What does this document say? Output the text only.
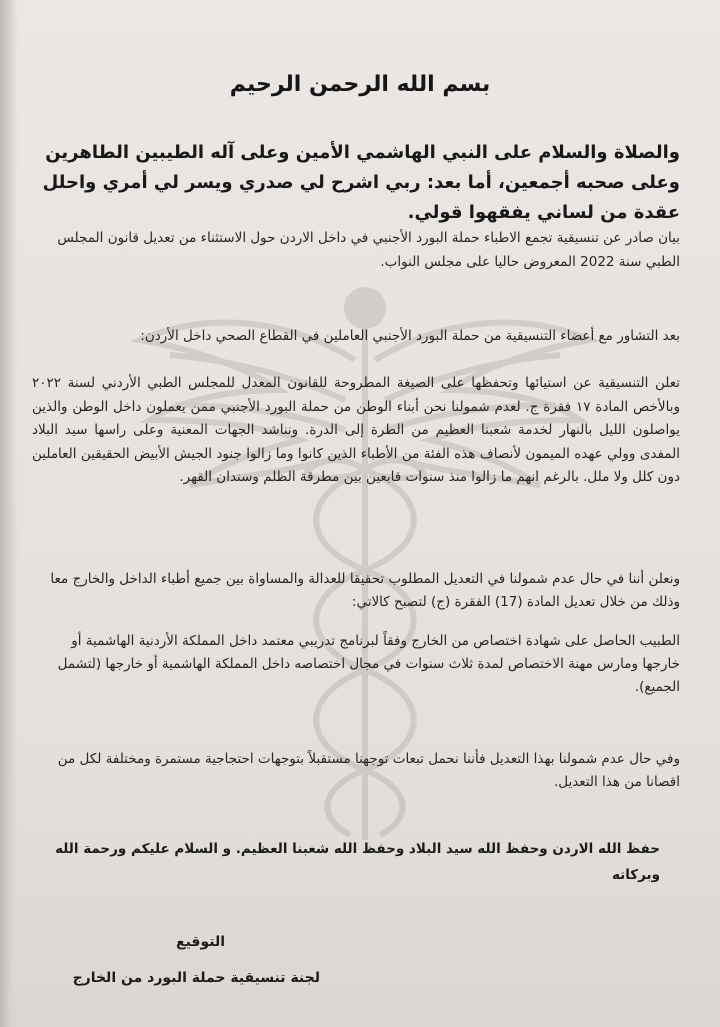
بسم الله الرحمن الرحيم

والصلاة والسلام على النبي الهاشمي الأمين وعلى آله الطيبين الطاهرين وعلى صحبه أجمعين، أما بعد: ربي اشرح لي صدري ويسر لي أمري واحلل عقدة من لساني يفقهوا قولي.

بيان صادر عن تنسيقية تجمع الاطباء حملة البورد الأجنبي في داخل الاردن حول الاستثناء من تعديل قانون المجلس الطبي سنة 2022 المعروض حاليا على مجلس النواب.

بعد التشاور مع أعضاء التنسيقية من حملة البورد الأجنبي العاملين في القطاع الصحي داخل الأردن:

تعلن التنسيقية عن استيائها وتحفظها على الصيغة المطروحة للقانون المعدل للمجلس الطبي الأردني لسنة ٢٠٢٢ وبالأخص المادة ١٧ فقرة ج. لعدم شمولنا نحن أبناء الوطن من حملة البورد الأجنبي ممن يعملون داخل الوطن والذين يواصلون الليل بالنهار لخدمة شعبنا العظيم من الطرة إلى الدرة. ونناشد الجهات المعنية وعلى راسها سيد البلاد المفدى وولي عهده الميمون لأنصاف هذه الفئة من الأطباء الذين كانوا وما زالوا جنود الجيش الأبيض الحقيقين العاملين دون كلل ولا ملل. بالرغم انهم ما زالوا منذ سنوات قابعين بين مطرقة الظلم وسندان القهر.

ونعلن أننا في حال عدم شمولنا في التعديل المطلوب تحقيقا للعدالة والمساواة بين جميع أطباء الداخل والخارج معا وذلك من خلال تعديل المادة (17) الفقرة (ج) لتصبح كالاتي:

الطبيب الحاصل على شهادة اختصاص من الخارج وفقاً لبرنامج تدريبي معتمد داخل المملكة الأردنية الهاشمية أو خارجها ومارس مهنة الاختصاص لمدة ثلاث سنوات في مجال اختصاصه داخل المملكة الهاشمية أو خارجها (لتشمل الجميع).

وفي حال عدم شمولنا بهذا التعديل فأننا نحمل تبعات توجهنا مستقبلاً بتوجهات احتجاجية مستمرة ومختلفة لكل من اقصانا من هذا التعديل.

حفظ الله الاردن وحفظ الله سيد البلاد وحفظ الله شعبنا العظيم. و السلام عليكم ورحمة الله وبركاته

التوقيع

لجنة تنسيقية حملة البورد من الخارج
